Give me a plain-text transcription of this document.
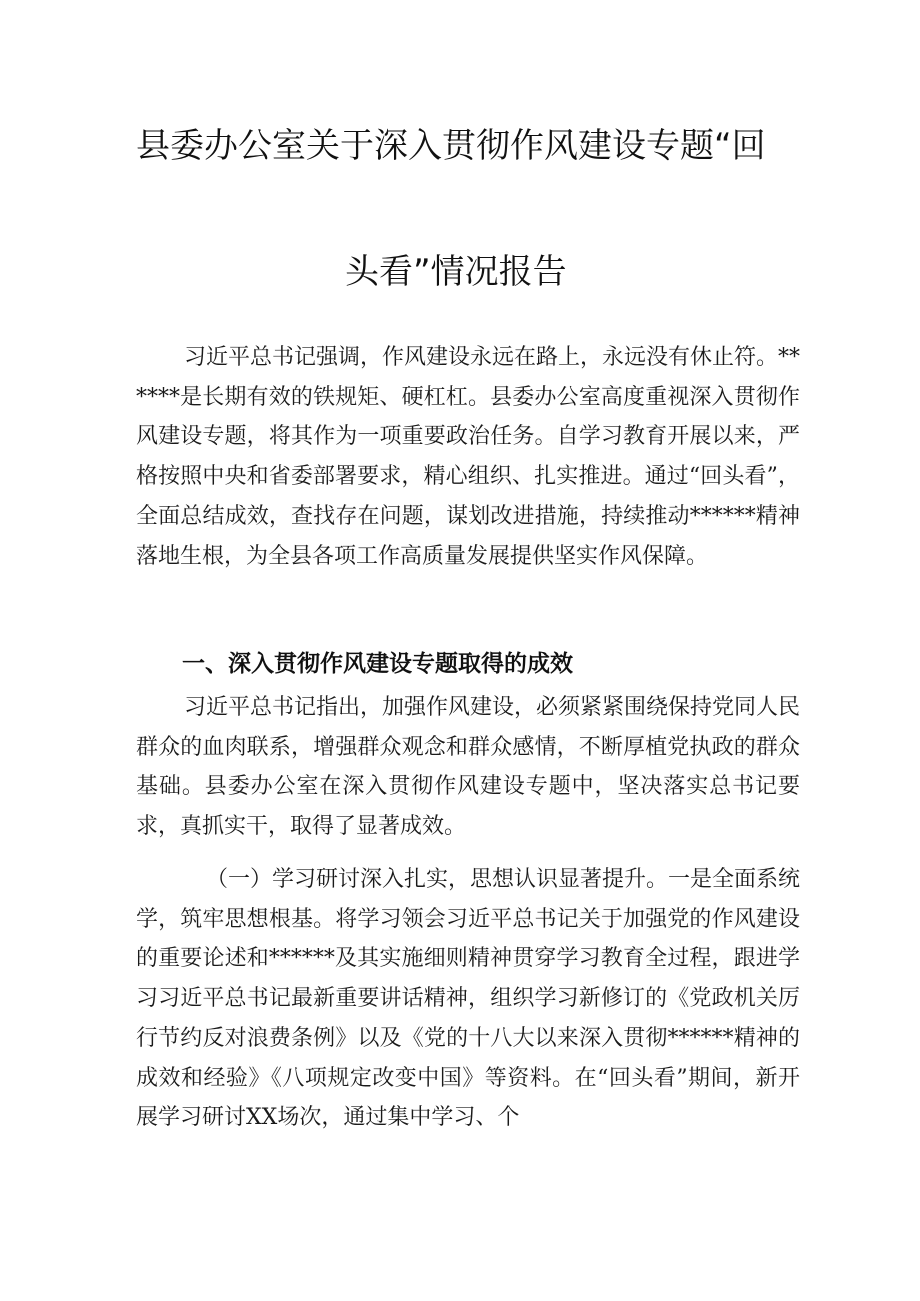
县委办公室关于深入贯彻作风建设专题“回
头看”情况报告

习近平总书记强调，作风建设永远在路上，永远没有休止符。******是长期有效的铁规矩、硬杠杠。县委办公室高度重视深入贯彻作风建设专题，将其作为一项重要政治任务。自学习教育开展以来，严格按照中央和省委部署要求，精心组织、扎实推进。通过“回头看”，全面总结成效，查找存在问题，谋划改进措施，持续推动******精神落地生根，为全县各项工作高质量发展提供坚实作风保障。

一、深入贯彻作风建设专题取得的成效

习近平总书记指出，加强作风建设，必须紧紧围绕保持党同人民群众的血肉联系，增强群众观念和群众感情，不断厚植党执政的群众基础。县委办公室在深入贯彻作风建设专题中，坚决落实总书记要求，真抓实干，取得了显著成效。

（一）学习研讨深入扎实，思想认识显著提升。一是全面系统学，筑牢思想根基。将学习领会习近平总书记关于加强党的作风建设的重要论述和******及其实施细则精神贯穿学习教育全过程，跟进学习习近平总书记最新重要讲话精神，组织学习新修订的《党政机关厉行节约反对浪费条例》以及《党的十八大以来深入贯彻******精神的成效和经验》《八项规定改变中国》等资料。在“回头看”期间，新开展学习研讨XX场次，通过集中学习、个
